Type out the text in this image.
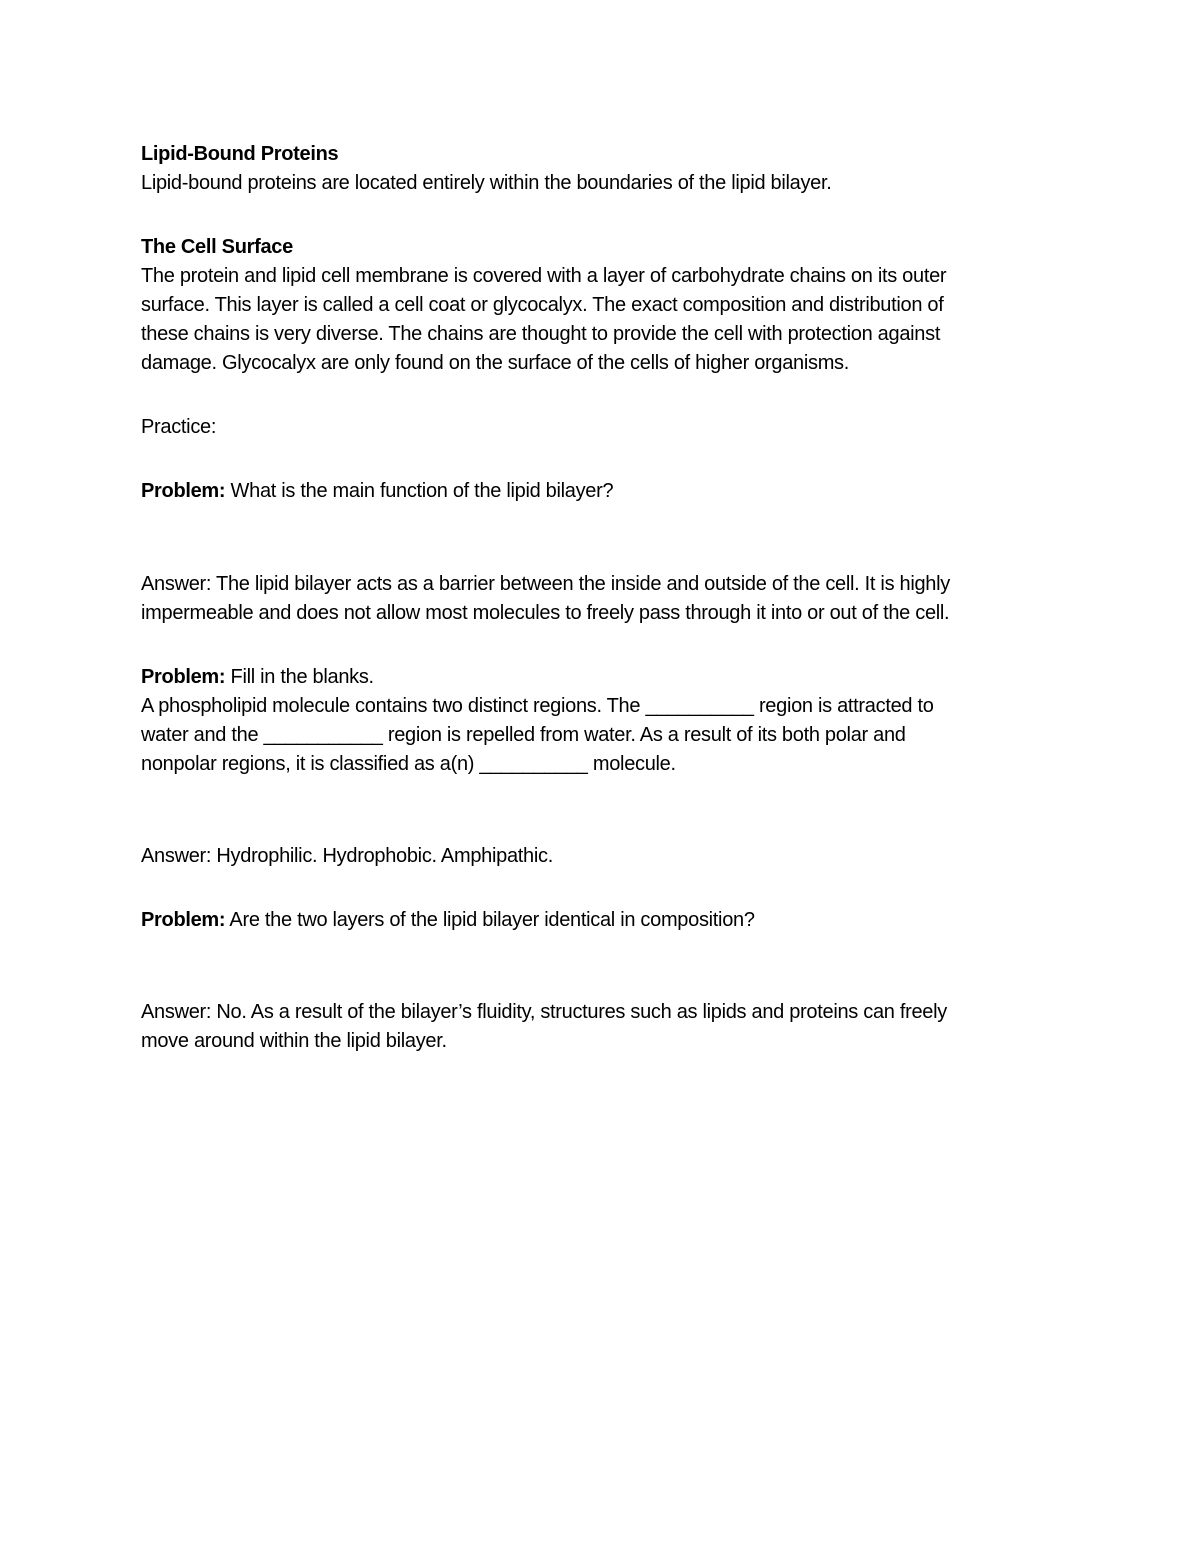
Lipid-Bound Proteins

Lipid-bound proteins are located entirely within the boundaries of the lipid bilayer.

The Cell Surface

The protein and lipid cell membrane is covered with a layer of carbohydrate chains on its outer

surface. This layer is called a cell coat or glycocalyx. The exact composition and distribution of

these chains is very diverse. The chains are thought to provide the cell with protection against

damage. Glycocalyx are only found on the surface of the cells of higher organisms.

Practice:

Problem: What is the main function of the lipid bilayer?

Answer: The lipid bilayer acts as a barrier between the inside and outside of the cell. It is highly

impermeable and does not allow most molecules to freely pass through it into or out of the cell.

Problem: Fill in the blanks.

A phospholipid molecule contains two distinct regions. The __________ region is attracted to

water and the ___________ region is repelled from water. As a result of its both polar and

nonpolar regions, it is classified as a(n) __________ molecule.

Answer: Hydrophilic. Hydrophobic. Amphipathic.

Problem: Are the two layers of the lipid bilayer identical in composition?

Answer: No. As a result of the bilayer’s fluidity, structures such as lipids and proteins can freely

move around within the lipid bilayer.
